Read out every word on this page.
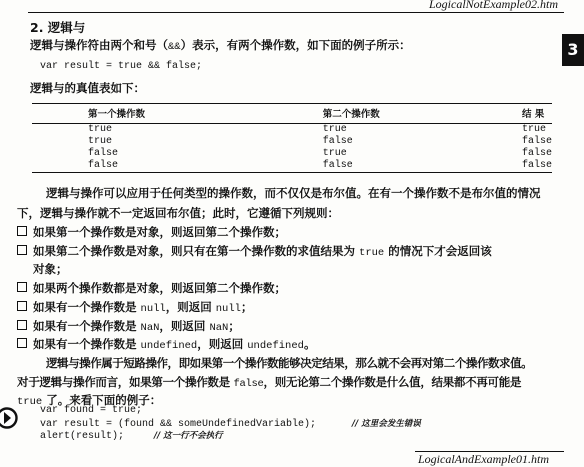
LogicalNotExample02.htm
3
2. 逻辑与
逻辑与操作符由两个和号（&&）表示，有两个操作数，如下面的例子所示：
var result = true && false;
逻辑与的真值表如下：
第一个操作数	第二个操作数	结 果
true	true	true
true	false	false
false	true	false
false	false	false
逻辑与操作可以应用于任何类型的操作数，而不仅仅是布尔值。在有一个操作数不是布尔值的情况
下，逻辑与操作就不一定返回布尔值；此时，它遵循下列规则：
如果第一个操作数是对象，则返回第二个操作数；
如果第二个操作数是对象，则只有在第一个操作数的求值结果为 true 的情况下才会返回该
对象；
如果两个操作数都是对象，则返回第二个操作数；
如果有一个操作数是 null，则返回 null；
如果有一个操作数是 NaN，则返回 NaN；
如果有一个操作数是 undefined，则返回 undefined。
逻辑与操作属于短路操作，即如果第一个操作数能够决定结果，那么就不会再对第二个操作数求值。
对于逻辑与操作而言，如果第一个操作数是 false，则无论第二个操作数是什么值，结果都不再可能是
true 了。来看下面的例子：
var found = true;
var result = (found && someUndefinedVariable);	// 这里会发生错误
alert(result);	// 这一行不会执行
LogicalAndExample01.htm
